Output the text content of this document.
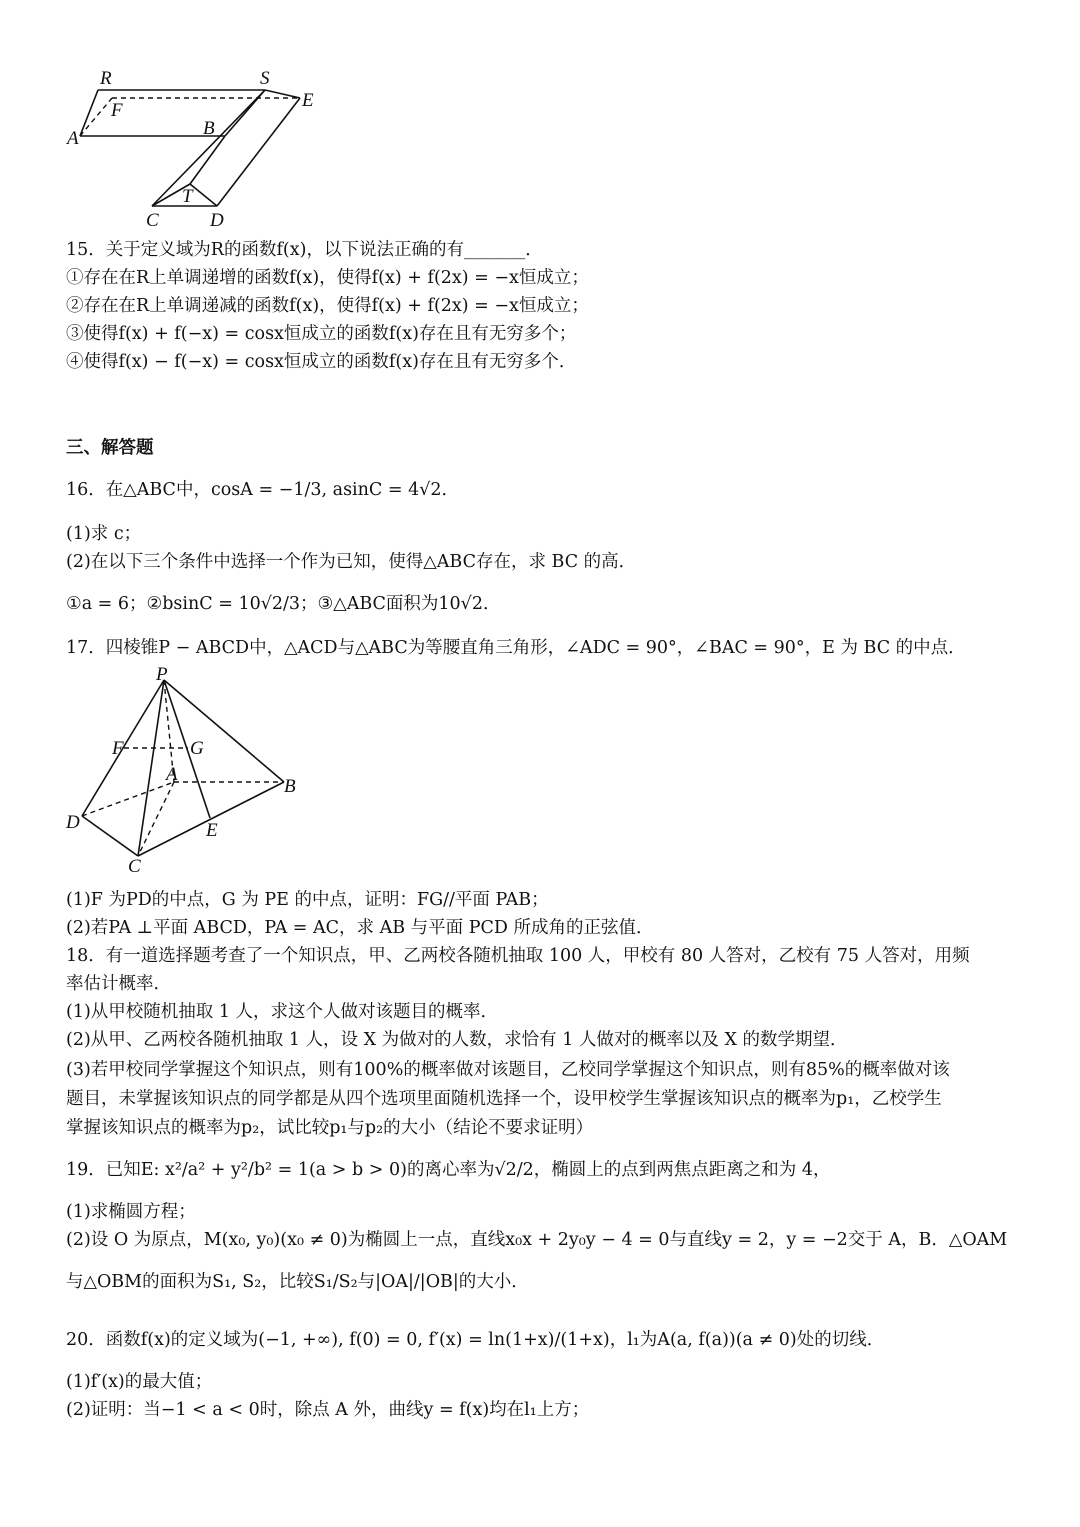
R	S
E
F
A	B
T
C	D
15．关于定义域为R的函数f(x)，以下说法正确的有_______．
①存在在R上单调递增的函数f(x)，使得f(x) + f(2x) = −x恒成立；
②存在在R上单调递减的函数f(x)，使得f(x) + f(2x) = −x恒成立；
③使得f(x) + f(−x) = cosx恒成立的函数f(x)存在且有无穷多个；
④使得f(x) − f(−x) = cosx恒成立的函数f(x)存在且有无穷多个．
三、解答题
16．在△ABC中，cosA = −1/3, asinC = 4√2．
(1)求 c；
(2)在以下三个条件中选择一个作为已知，使得△ABC存在，求 BC 的高．
①a = 6；②bsinC = 10√2/3；③△ABC面积为10√2．
17．四棱锥P − ABCD中，△ACD与△ABC为等腰直角三角形，∠ADC = 90°，∠BAC = 90°，E 为 BC 的中点．
P
F	G
A
B
D	E
C
(1)F 为PD的中点，G 为 PE 的中点，证明：FG//平面 PAB；
(2)若PA ⊥平面 ABCD，PA = AC，求 AB 与平面 PCD 所成角的正弦值．
18．有一道选择题考查了一个知识点，甲、乙两校各随机抽取 100 人，甲校有 80 人答对，乙校有 75 人答对，用频
率估计概率．
(1)从甲校随机抽取 1 人，求这个人做对该题目的概率．
(2)从甲、乙两校各随机抽取 1 人，设 X 为做对的人数，求恰有 1 人做对的概率以及 X 的数学期望．
(3)若甲校同学掌握这个知识点，则有100%的概率做对该题目，乙校同学掌握这个知识点，则有85%的概率做对该
题目，未掌握该知识点的同学都是从四个选项里面随机选择一个，设甲校学生掌握该知识点的概率为p₁，乙校学生
掌握该知识点的概率为p₂，试比较p₁与p₂的大小（结论不要求证明）
19．已知E: x²/a² + y²/b² = 1(a > b > 0)的离心率为√2/2，椭圆上的点到两焦点距离之和为 4，
(1)求椭圆方程；
(2)设 O 为原点，M(x₀, y₀)(x₀ ≠ 0)为椭圆上一点，直线x₀x + 2y₀y − 4 = 0与直线y = 2，y = −2交于 A，B．△OAM
与△OBM的面积为S₁, S₂，比较S₁/S₂与|OA|/|OB|的大小．
20．函数f(x)的定义域为(−1, +∞), f(0) = 0, f′(x) = ln(1+x)/(1+x)，l₁为A(a, f(a))(a ≠ 0)处的切线．
(1)f′(x)的最大值；
(2)证明：当−1 < a < 0时，除点 A 外，曲线y = f(x)均在l₁上方；
